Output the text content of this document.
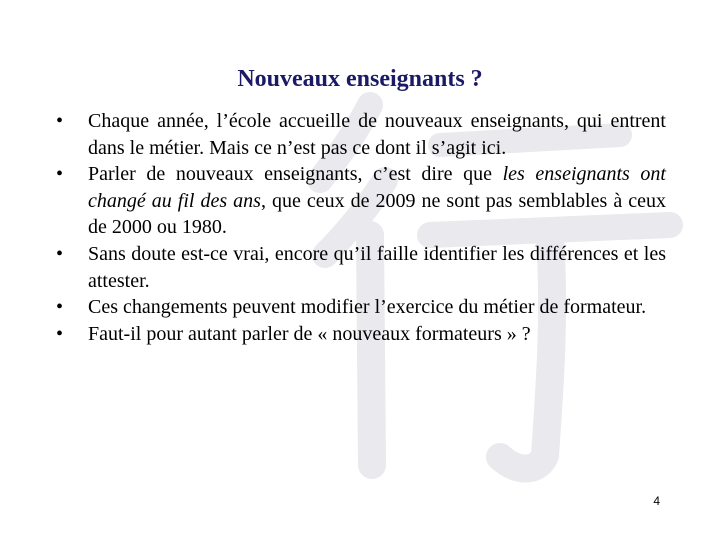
Nouveaux enseignants ?
• Chaque année, l’école accueille de nouveaux enseignants, qui entrent dans le métier. Mais ce n’est pas ce dont il s’agit ici.
• Parler de nouveaux enseignants, c’est dire que les enseignants ont changé au fil des ans, que ceux de 2009 ne sont pas semblables à ceux de 2000 ou 1980.
• Sans doute est-ce vrai, encore qu’il faille identifier les différences et les attester.
• Ces changements peuvent modifier l’exercice du métier de formateur.
• Faut-il pour autant parler de « nouveaux formateurs » ?
4
